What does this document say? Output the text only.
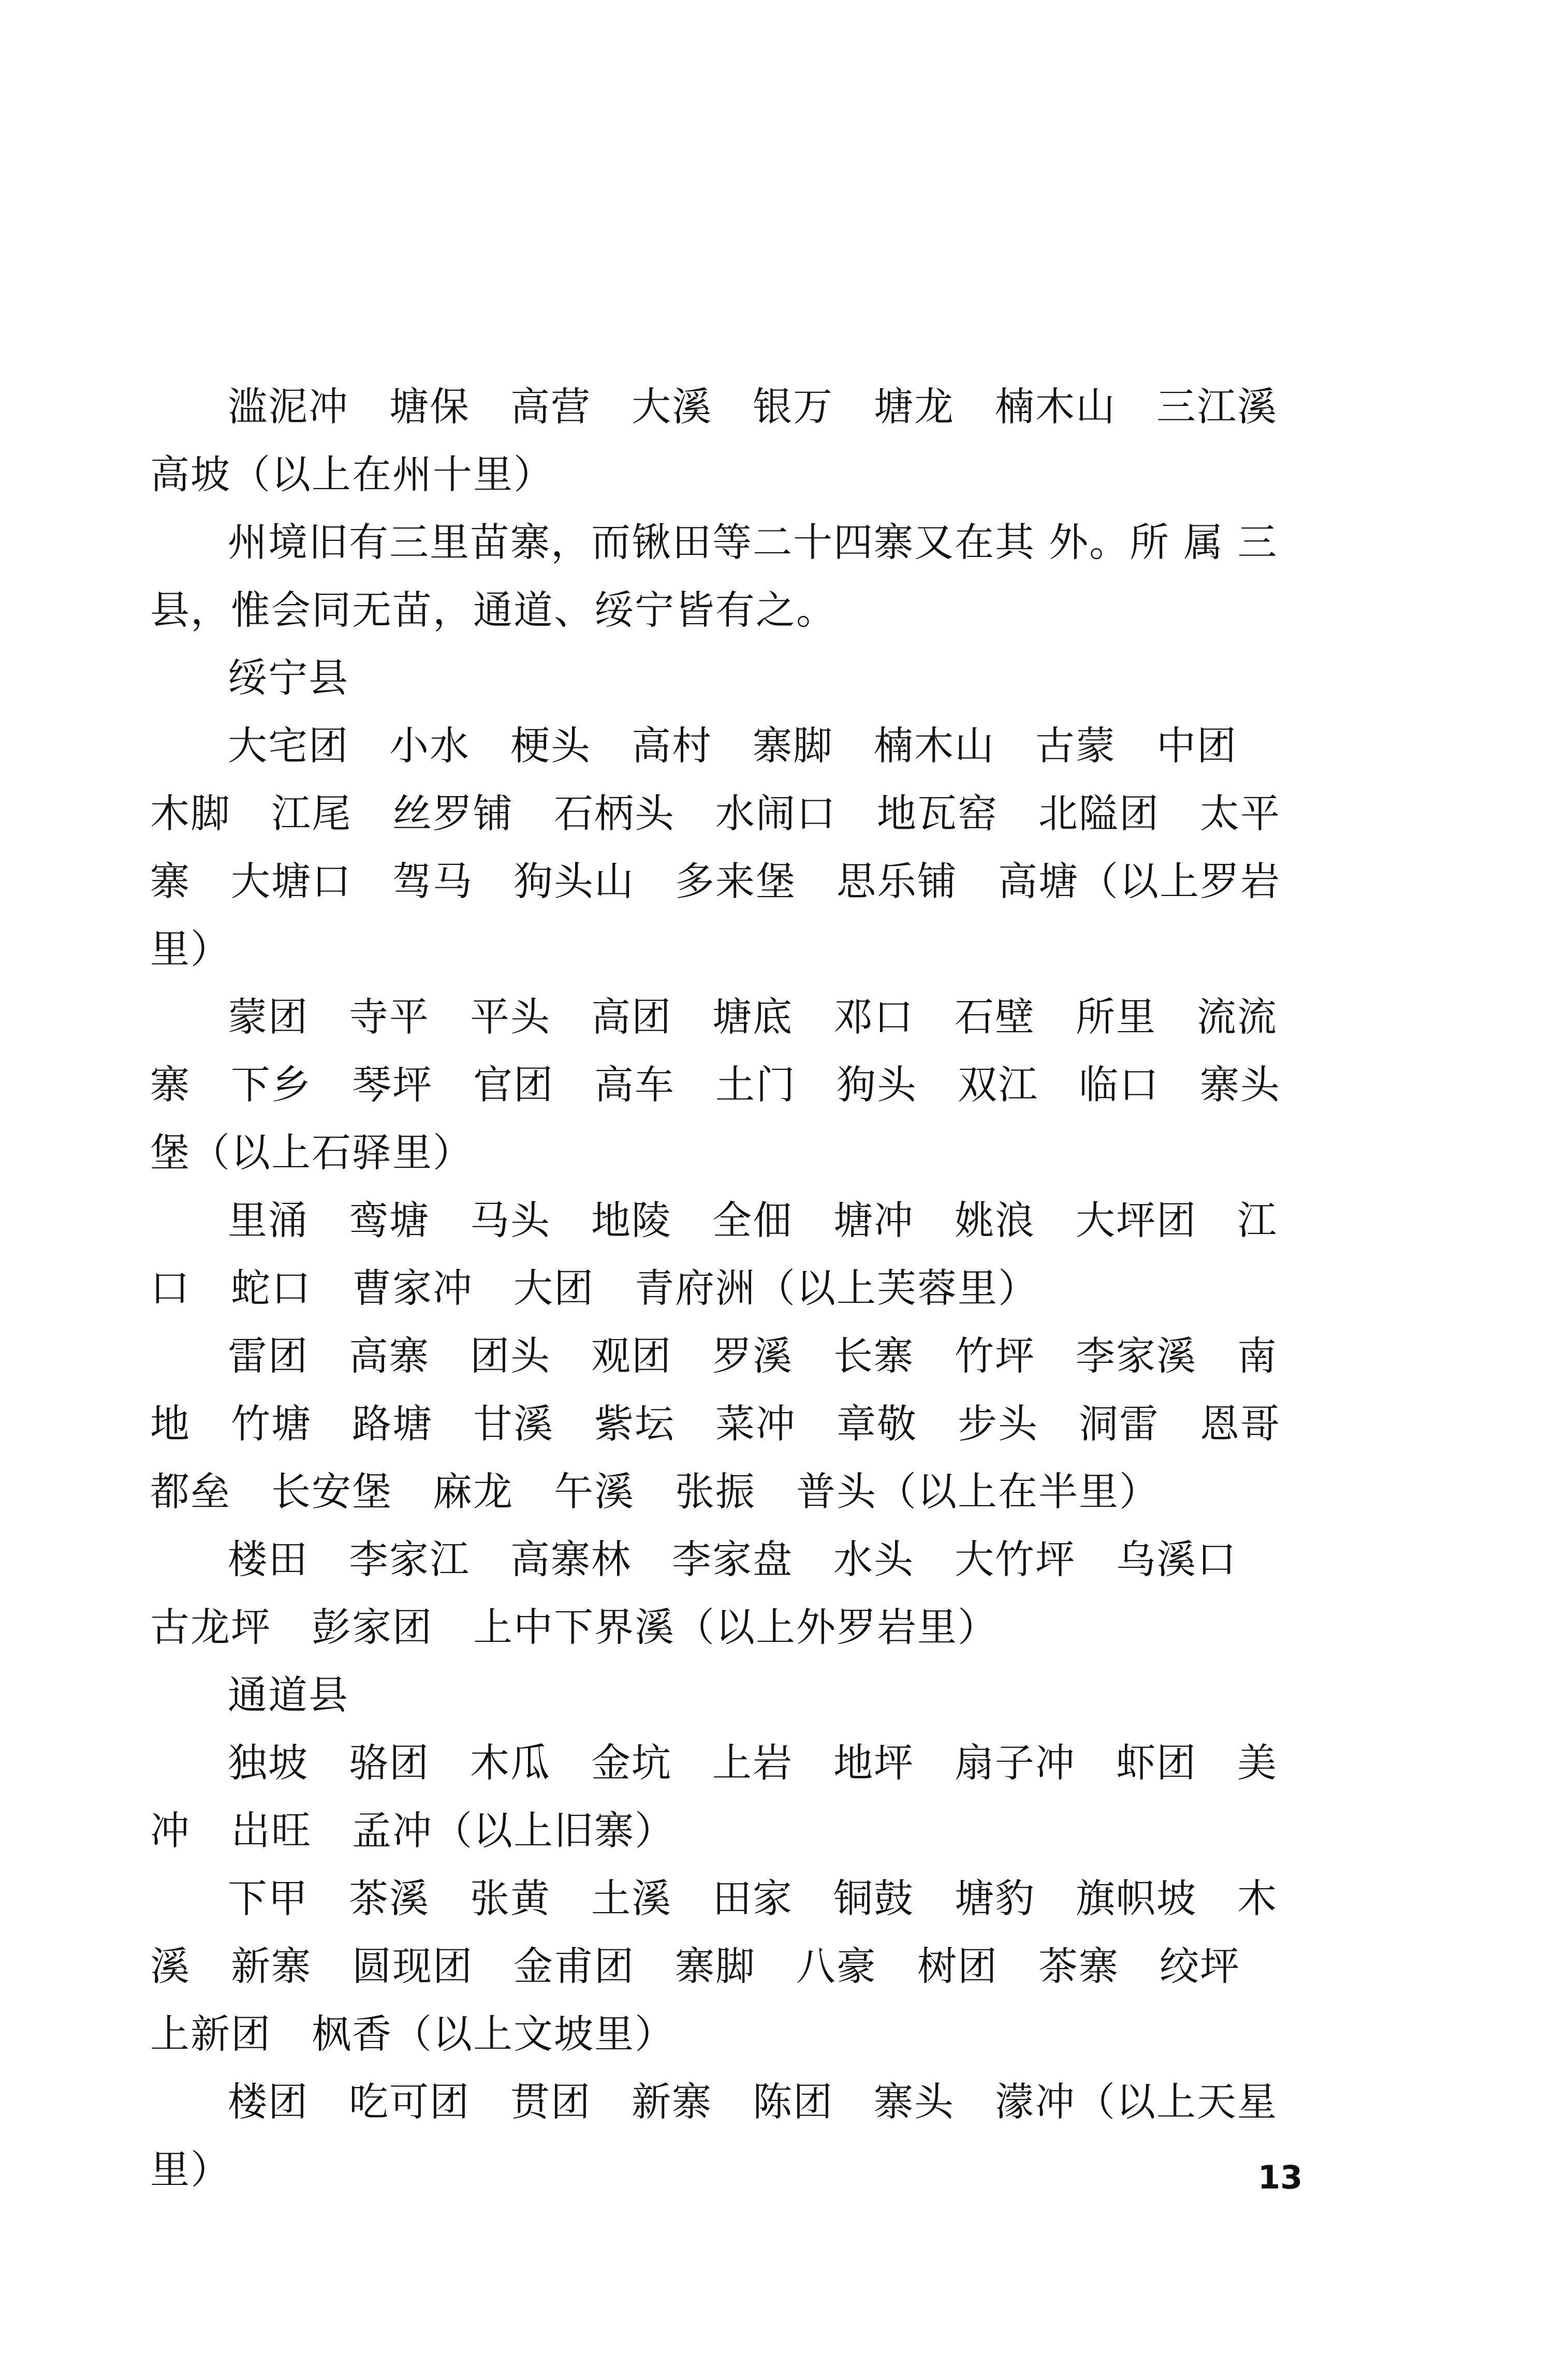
滥泥冲　塘保　高营　大溪　银万　塘龙　楠木山　三江溪
高坡（以上在州十里）
州境旧有三里苗寨，而锹田等二十四寨又在其 外。所 属 三
县，惟会同无苗，通道、绥宁皆有之。
绥宁县
大宅团　小水　梗头　高村　寨脚　楠木山　古蒙　中团
木脚　江尾　丝罗铺　石柄头　水闹口　地瓦窑　北隘团　太平
寨　大塘口　驾马　狗头山　多来堡　思乐铺　高塘（以上罗岩
里）
蒙团　寺平　平头　高团　塘底　邓口　石壁　所里　流流
寨　下乡　琴坪　官团　高车　土门　狗头　双江　临口　寨头
堡（以上石驿里）
里涌　鸾塘　马头　地陵　全佃　塘冲　姚浪　大坪团　江
口　蛇口　曹家冲　大团　青府洲（以上芙蓉里）
雷团　高寨　团头　观团　罗溪　长寨　竹坪　李家溪　南
地　竹塘　路塘　甘溪　紫坛　菜冲　章敬　步头　洞雷　恩哥
都垒　长安堡　麻龙　午溪　张振　普头（以上在半里）
楼田　李家江　高寨林　李家盘　水头　大竹坪　乌溪口
古龙坪　彭家团　上中下界溪（以上外罗岩里）
通道县
独坡　骆团　木瓜　金坑　上岩　地坪　扇子冲　虾团　美
冲　岀旺　孟冲（以上旧寨）
下甲　茶溪　张黄　土溪　田家　铜鼓　塘豹　旗帜坡　木
溪　新寨　圆现团　金甫团　寨脚　八豪　树团　茶寨　绞坪
上新团　枫香（以上文坡里）
楼团　吃可团　贯团　新寨　陈团　寨头　濛冲（以上天星
里）	13
